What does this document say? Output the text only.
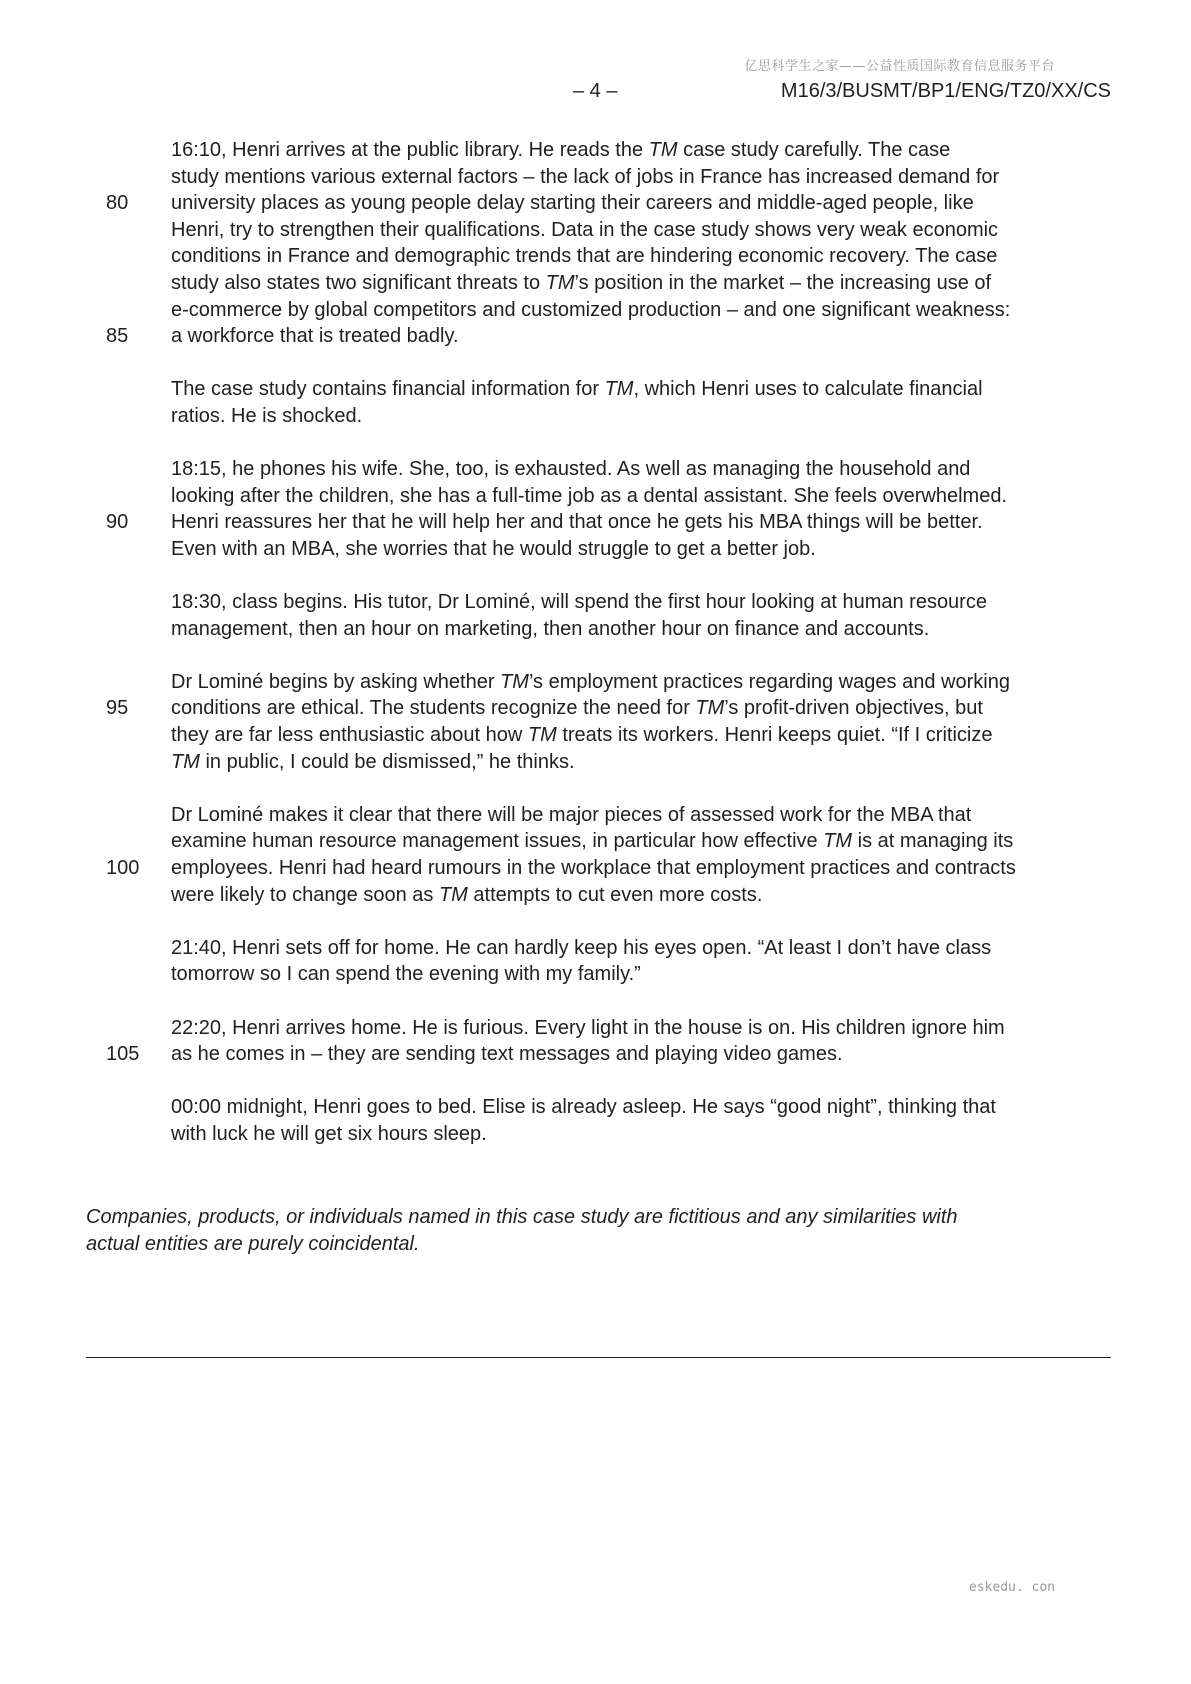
亿思科学生之家——公益性质国际教育信息服务平台
– 4 –	M16/3/BUSMT/BP1/ENG/TZ0/XX/CS
16:10, Henri arrives at the public library. He reads the TM case study carefully. The case
study mentions various external factors – the lack of jobs in France has increased demand for
80	university places as young people delay starting their careers and middle-aged people, like
Henri, try to strengthen their qualifications. Data in the case study shows very weak economic
conditions in France and demographic trends that are hindering economic recovery. The case
study also states two significant threats to TM’s position in the market – the increasing use of
e-commerce by global competitors and customized production – and one significant weakness:
85	a workforce that is treated badly.
The case study contains financial information for TM, which Henri uses to calculate financial
ratios. He is shocked.
18:15, he phones his wife. She, too, is exhausted. As well as managing the household and
looking after the children, she has a full-time job as a dental assistant. She feels overwhelmed.
90	Henri reassures her that he will help her and that once he gets his MBA things will be better.
Even with an MBA, she worries that he would struggle to get a better job.
18:30, class begins. His tutor, Dr Lominé, will spend the first hour looking at human resource
management, then an hour on marketing, then another hour on finance and accounts.
Dr Lominé begins by asking whether TM’s employment practices regarding wages and working
95	conditions are ethical. The students recognize the need for TM’s profit-driven objectives, but
they are far less enthusiastic about how TM treats its workers. Henri keeps quiet. “If I criticize
TM in public, I could be dismissed,” he thinks.
Dr Lominé makes it clear that there will be major pieces of assessed work for the MBA that
examine human resource management issues, in particular how effective TM is at managing its
100	employees. Henri had heard rumours in the workplace that employment practices and contracts
were likely to change soon as TM attempts to cut even more costs.
21:40, Henri sets off for home. He can hardly keep his eyes open. “At least I don’t have class
tomorrow so I can spend the evening with my family.”
22:20, Henri arrives home. He is furious. Every light in the house is on. His children ignore him
105	as he comes in – they are sending text messages and playing video games.
00:00 midnight, Henri goes to bed. Elise is already asleep. He says “good night”, thinking that
with luck he will get six hours sleep.
Companies, products, or individuals named in this case study are fictitious and any similarities with
actual entities are purely coincidental.
eskedu. con
